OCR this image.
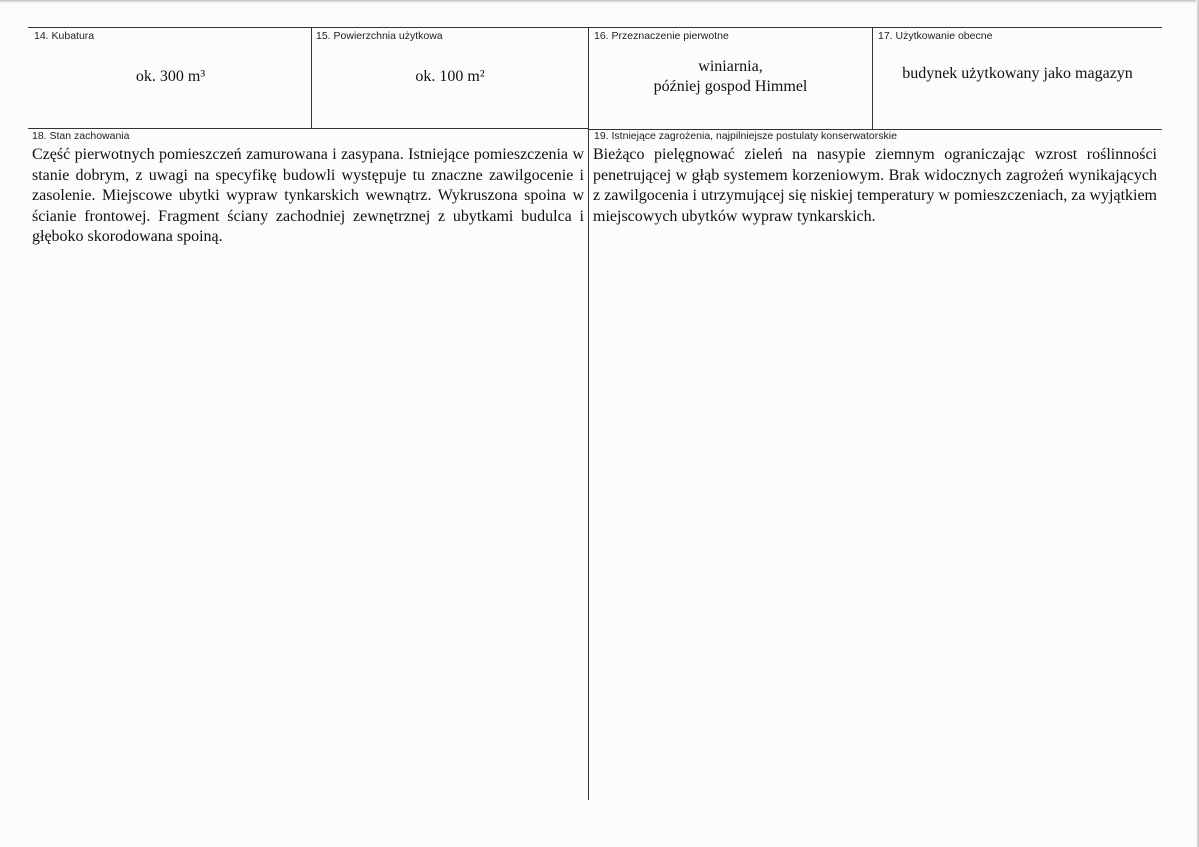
14. Kubatura
ok. 300 m³
15. Powierzchnia użytkowa
ok. 100 m²
16. Przeznaczenie pierwotne
winiarnia,
później gospod Himmel
17. Użytkowanie obecne
budynek użytkowany jako magazyn
18. Stan zachowania
Część pierwotnych pomieszczeń zamurowana i zasypana. Istniejące pomieszczenia w stanie dobrym, z uwagi na specyfikę budowli występuje tu znaczne zawilgocenie i zasolenie. Miejscowe ubytki wypraw tynkarskich wewnątrz. Wykruszona spoina w ścianie frontowej. Fragment ściany zachodniej zewnętrznej z ubytkami budulca i głęboko skorodowana spoiną.
19. Istniejące zagrożenia, najpilniejsze postulaty konserwatorskie
Bieżąco pielęgnować zieleń na nasypie ziemnym ograniczając wzrost roślinności penetrującej w głąb systemem korzeniowym. Brak widocznych zagrożeń wynikających z zawilgocenia i utrzymującej się niskiej temperatury w pomieszczeniach, za wyjątkiem miejscowych ubytków wypraw tynkarskich.
